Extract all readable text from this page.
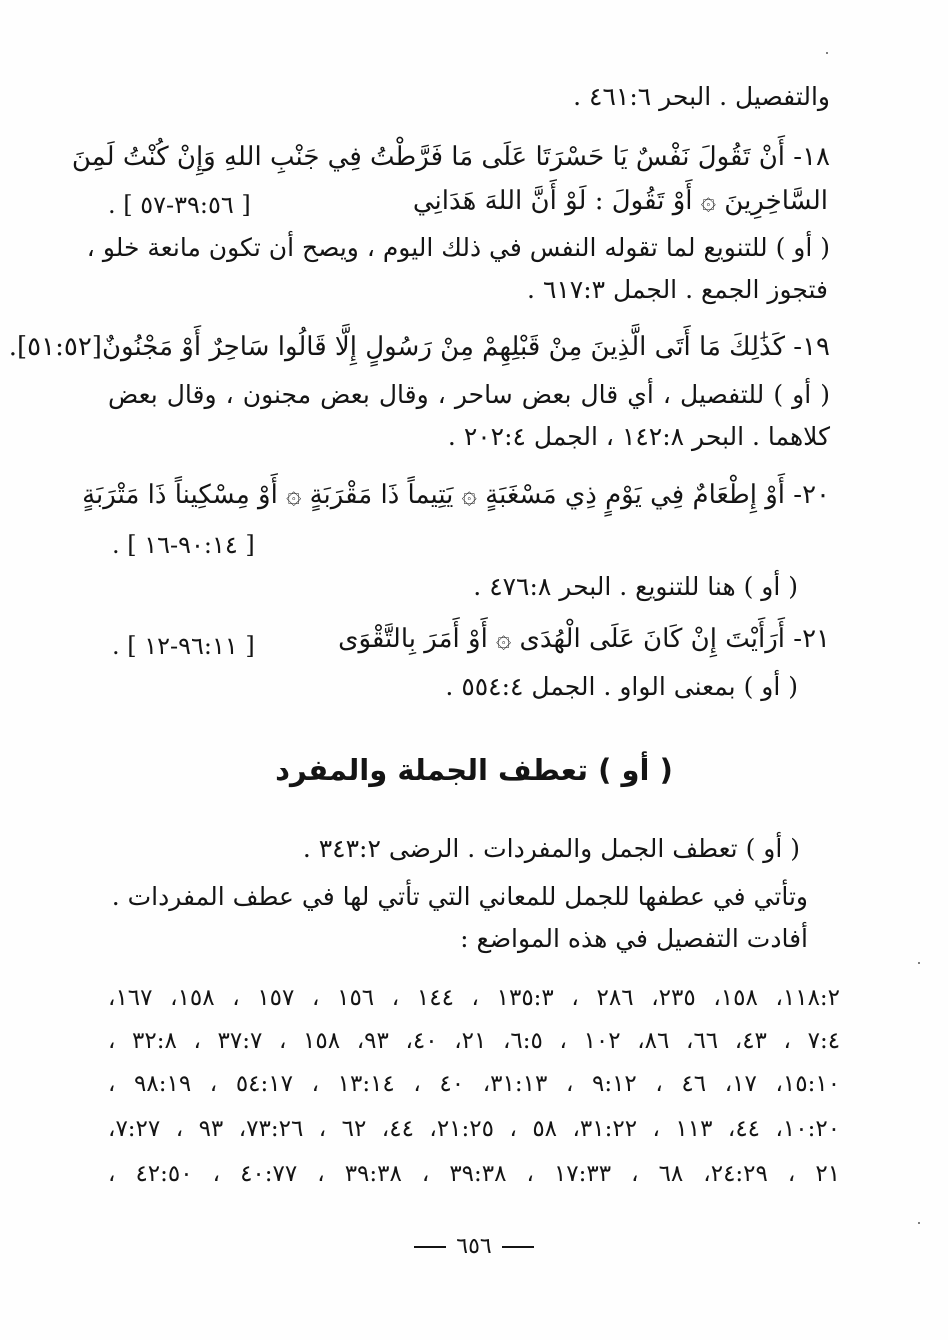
والتفصيل . البحر ٤٦١:٦ .
١٨- أَنْ تَقُولَ نَفْسٌ يَا حَسْرَتَا عَلَى مَا فَرَّطْتُ فِي جَنْبِ اللهِ وَإِنْ كُنْتُ لَمِنَ
السَّاخِرِينَ ۞ أَوْ تَقُولَ : لَوْ أَنَّ اللهَ هَدَانِي
[ ٣٩:٥٦-٥٧ ] .
( أو ) للتنويع لما تقوله النفس في ذلك اليوم ، ويصح أن تكون مانعة خلو ،
فتجوز الجمع . الجمل ٦١٧:٣ .
١٩- كَذَٰلِكَ مَا أَتَى الَّذِينَ مِنْ قَبْلِهِمْ مِنْ رَسُولٍ إِلَّا قَالُوا سَاحِرٌ أَوْ مَجْنُونٌ[٥١:٥٢].
( أو ) للتفصيل ، أي قال بعض ساحر ، وقال بعض مجنون ، وقال بعض
كلاهما . البحر ١٤٢:٨ ، الجمل ٢٠٢:٤ .
٢٠- أَوْ إِطْعَامٌ فِي يَوْمٍ ذِي مَسْغَبَةٍ ۞ يَتِيماً ذَا مَقْرَبَةٍ ۞ أَوْ مِسْكِيناً ذَا مَتْرَبَةٍ
[ ٩٠:١٤-١٦ ] .
( أو ) هنا للتنويع . البحر ٤٧٦:٨ .
٢١- أَرَأَيْتَ إِنْ كَانَ عَلَى الْهُدَى ۞ أَوْ أَمَرَ بِالتَّقْوَى
[ ٩٦:١١-١٢ ] .
( أو ) بمعنى الواو . الجمل ٥٥٤:٤ .
( أو ) تعطف الجملة والمفرد
( أو ) تعطف الجمل والمفردات . الرضى ٣٤٣:٢ .
وتأتي في عطفها للجمل للمعاني التي تأتي لها في عطف المفردات .
أفادت التفصيل في هذه المواضع :
١١٨:٢، ١٥٨، ٢٣٥، ٢٨٦ ، ١٣٥:٣ ، ١٤٤ ، ١٥٦ ، ١٥٧ ، ١٥٨، ١٦٧،
٧:٤ ، ٤٣، ٦٦، ٨٦، ١٠٢ ، ٦:٥، ٢١، ٤٠، ٩٣، ١٥٨ ، ٣٧:٧ ، ٣٢:٨ ،
١٥:١٠، ١٧، ٤٦ ، ٩:١٢ ، ٣١:١٣، ٤٠ ، ١٣:١٤ ، ٥٤:١٧ ، ٩٨:١٩ ،
١٠:٢٠، ٤٤، ١١٣ ، ٣١:٢٢، ٥٨ ، ٢١:٢٥، ٤٤، ٦٢ ، ٧٣:٢٦، ٩٣ ، ٧:٢٧،
٢١ ، ٢٤:٢٩، ٦٨ ، ١٧:٣٣ ، ٣٩:٣٨ ، ٣٩:٣٨ ، ٤٠:٧٧ ، ٤٢:٥٠ ،
٦٥٦
